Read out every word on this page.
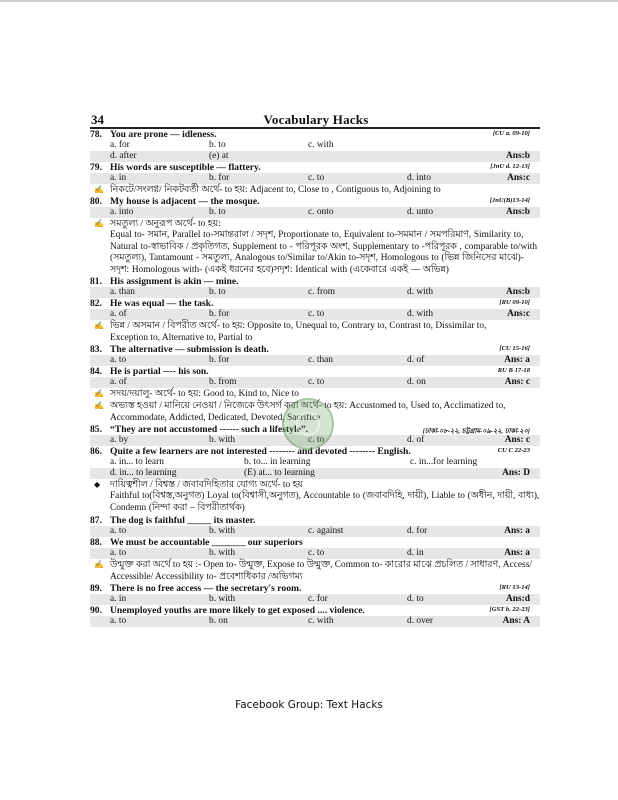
34	Vocabulary Hacks
78. You are prone — idleness.	[CU a. 09-10]
a. for	b. to	c. with
d. after	(e) at	Ans:b
79. His words are susceptible — flattery.	[JnU d. 12-13]
a. in	b. for	c. to	d. into	Ans:c
✍ নিকটে/সংলগ্ন/ নিকটবর্তী অর্থে- to হয়: Adjacent to, Close to , Contiguous to, Adjoining to
80. My house is adjacent — the mosque.	[JnU(B)13-14]
a. into	b. to	c. onto	d. unto	Ans:b
✍ সমতুল্য / অনুরূপ অর্থে- to হয়:
Equal to- সমান, Parallel to-সমান্তরাল / সদৃশ, Proportionate to, Equivalent to-সমমান / সমপরিমাণ, Similarity to, Natural to-স্বাভাবিক / প্রকৃতিগত, Supplement to - পরিপূরক অংশ, Supplementary to -পরিপূরক , comparable to/with (সমতুল্য), Tantamount - সমতুল্য, Analogous to/Similar to/Akin to-সদৃশ, Homologous to (ভিন্ন জিনিসের মাঝে)- সদৃশ: Homologous with- (একই ধরনের হবে)সদৃশ: Identical with (একেবারে একই — অভিন্ন)
81. His assignment is akin — mine.
a. than	b. to	c. from	d. with	Ans:b
82. He was equal — the task.	[RU 09-10]
a. of	b. for	c. to	d. with	Ans:c
✍ ভিন্ন / অসমান / বিপরীত অর্থে- to হয়: Opposite to, Unequal to, Contrary to, Contrast to, Dissimilar to,
Exception to, Alternative to, Partial to
83. The alternative — submission is death.	[CU 15-16]
a. to	b. for	c. than	d. of	Ans: a
84. He is partial ---- his son.	RU B 17-18
a. of	b. from	c. to	d. on	Ans: c
✍ সদয়/দয়ালু- অর্থে- to হয়: Good to, Kind to, Nice to
✍ অভ্যস্ত হওয়া / মানিয়ে নেওয়া / নিজেকে উৎসর্গ করা অর্থে- to হয়: Accustomed to, Used to, Acclimatized to,
Accommodate, Addicted, Dedicated, Devoted, Sacrifice
85. “They are not accustomed ------ such a lifestyle”.	[ঢাকা-০৮-২২, চট্টগ্রাম-০৯-২২, ঢাকা-২০]
a. by	b. with	c. to	d. of	Ans: c
86. Quite a few learners are not interested -------- and devoted -------- English.	CU C 22-23
a. in... to learn	b. to... in learning	c. in...for learning
d. in... to learning	(E) at... to learning	Ans: D
◆ দায়িত্বশীল / বিশ্বস্ত / জবাবদিহিতার যোগ্য অর্থে- to হয়
Faithful to(বিশ্বস্ত,অনুগত) Loyal to(বিশ্বাসী,অনুগত), Accountable to (জবাবদিহি, দায়ী), Liable to (অধীন, দায়ী, বাধ্য), Condemn (নিন্দা করা – বিপরীতার্থক)
87. The dog is faithful _____ its master.
a. to	b. with	c. against	d. for	Ans: a
88. We must be accountable _______ our superiors
a. to	b. with	c. to	d. in	Ans: a
✍ উন্মুক্ত করা অর্থে to হয় :- Open to- উন্মুক্ত, Expose to উন্মুক্ত, Common to- কারোর মাঝে প্রচলিত / সাধারণ, Access/
Accessible/ Accessibility to- প্রবেশাধিকার /অভিগম্য
89. There is no free access — the secretary's room.	[RU 13-14]
a. in	b. with	c. for	d. to	Ans:d
90. Unemployed youths are more likely to get exposed .... violence.	[GST b. 22-23]
a. to	b. on	c. with	d. over	Ans: A
Facebook Group: Text Hacks
